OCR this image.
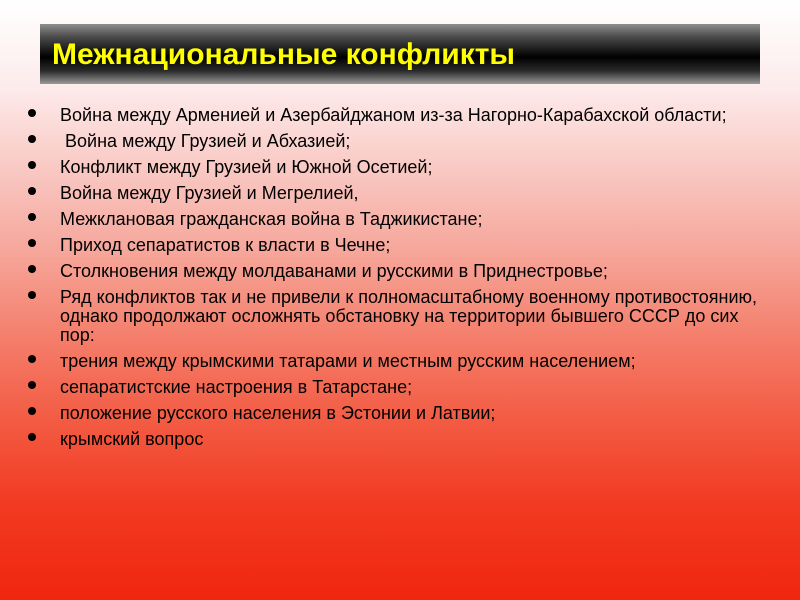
Межнациональные конфликты
Война между Арменией и Азербайджаном из-за Нагорно-Карабахской области;
Война между Грузией и Абхазией;
Конфликт между Грузией и Южной Осетией;
Война между Грузией и Мегрелией,
Межклановая гражданская война в Таджикистане;
Приход сепаратистов к власти в Чечне;
Столкновения между молдаванами и русскими в Приднестровье;
Ряд конфликтов так и не привели к полномасштабному военному противостоянию, однако продолжают осложнять обстановку на территории бывшего СССР до сих пор:
трения между крымскими татарами и местным русским населением;
сепаратистские настроения в Татарстане;
положение русского населения в Эстонии и Латвии;
крымский вопрос
